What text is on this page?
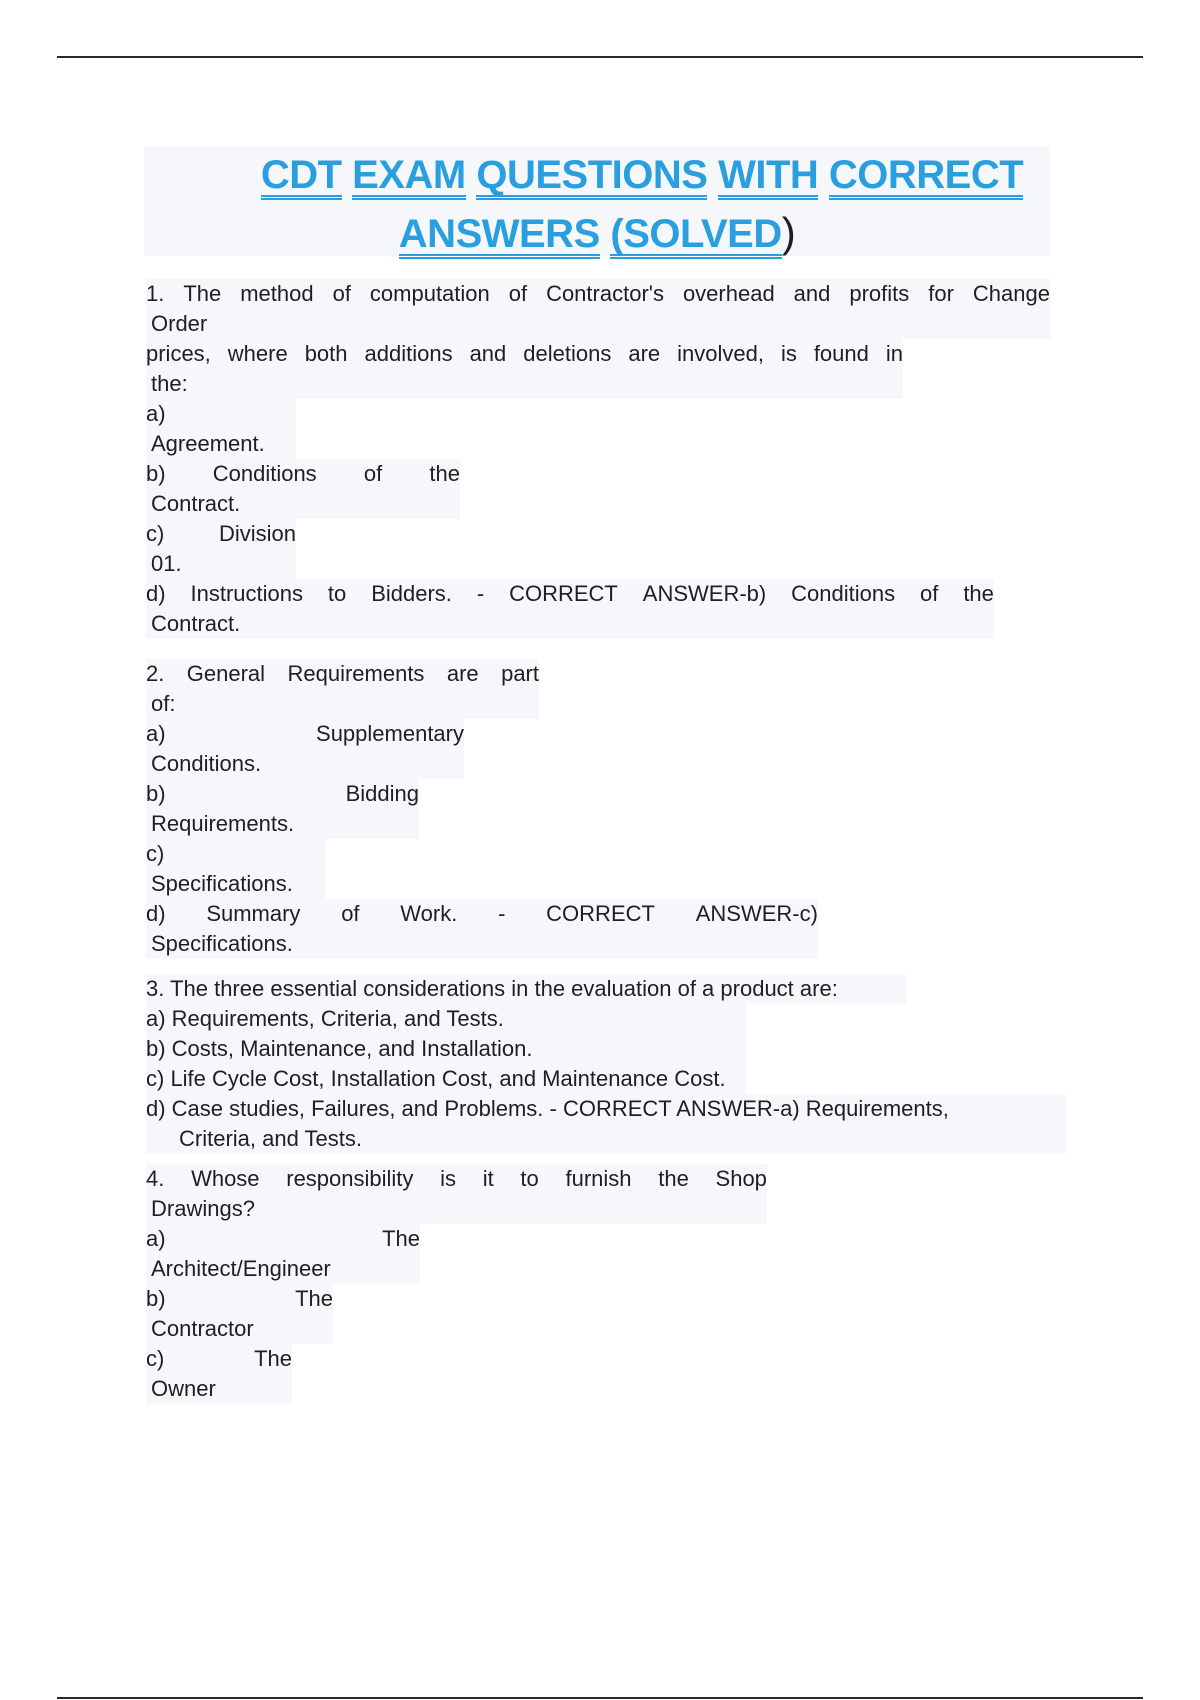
CDT EXAM QUESTIONS WITH CORRECT
ANSWERS (SOLVED)
1. The method of computation of Contractor's overhead and profits for Change
Order
prices, where both additions and deletions are involved, is found in
the:
a)
Agreement.
b) Conditions of the
Contract.
c) Division
01.
d) Instructions to Bidders. - CORRECT ANSWER-b) Conditions of the
Contract.
2. General Requirements are part
of:
a)	Supplementary
Conditions.
b)	Bidding
Requirements.
c)
Specifications.
d) Summary of Work. - CORRECT ANSWER-c)
Specifications.
3. The three essential considerations in the evaluation of a product are:
a) Requirements, Criteria, and Tests.
b) Costs, Maintenance, and Installation.
c) Life Cycle Cost, Installation Cost, and Maintenance Cost.
d) Case studies, Failures, and Problems. - CORRECT ANSWER-a) Requirements,
Criteria, and Tests.
4. Whose responsibility is it to furnish the Shop
Drawings?
a)	The
Architect/Engineer
b)	The
Contractor
c)	The
Owner
